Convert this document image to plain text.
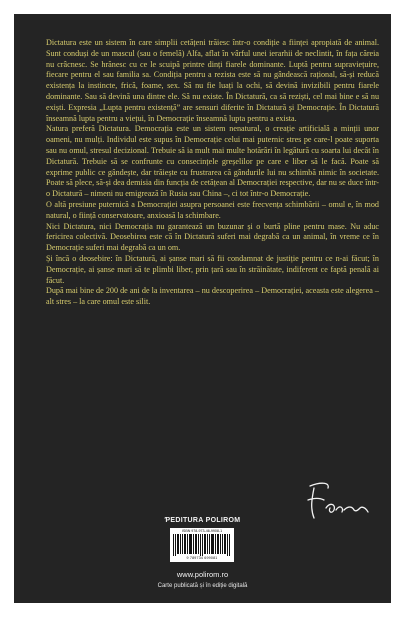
Dictatura este un sistem în care simplii cetățeni trăiesc într-o condiție a ființei apropiată de animal. Sunt conduși de un mascul (sau o femelă) Alfa, aflat în vârful unei ierarhii de neclintit, în fața căreia nu crâcnesc. Se hrănesc cu ce le scuipă printre dinți fiarele dominante. Luptă pentru supraviețuire, fiecare pentru el sau familia sa. Condiția pentru a rezista este să nu gândească rațional, să-și reducă existența la instincte, frică, foame, sex. Să nu fie luați la ochi, să devină invizibili pentru fiarele dominante. Sau să devină una dintre ele. Să nu existe. În Dictatură, ca să reziști, cel mai bine e să nu exiști. Expresia „Lupta pentru existență” are sensuri diferite în Dictatură și Democrație. În Dictatură înseamnă lupta pentru a viețui, în Democrație înseamnă lupta pentru a exista.

Natura preferă Dictatura. Democrația este un sistem nenatural, o creație artificială a minții unor oameni, nu mulți. Individul este supus în Democrație celui mai puternic stres pe care-l poate suporta sau nu omul, stresul decizional. Trebuie să ia mult mai multe hotărâri în legătură cu soarta lui decât în Dictatură. Trebuie să se confrunte cu consecințele greșelilor pe care e liber să le facă. Poate să exprime public ce gândește, dar trăiește cu frustrarea că gândurile lui nu schimbă nimic în societate. Poate să plece, să-și dea demisia din funcția de cetățean al Democrației respective, dar nu se duce într-o Dictatură – nimeni nu emigrează în Rusia sau China –, ci tot într-o Democrație.

O altă presiune puternică a Democrației asupra persoanei este frecvența schimbării – omul e, în mod natural, o ființă conservatoare, anxioasă la schimbare.

Nici Dictatura, nici Democrația nu garantează un buzunar și o burtă pline pentru mase. Nu aduc fericirea colectivă. Deosebirea este că în Dictatură suferi mai degrabă ca un animal, în vreme ce în Democrație suferi mai degrabă ca un om.

Și încă o deosebire: în Dictatură, ai șanse mari să fii condamnat de justiție pentru ce n-ai făcut; în Democrație, ai șanse mari să te plimbi liber, prin țară sau în străinătate, indiferent ce faptă penală ai făcut.

După mai bine de 200 de ani de la inventarea – nu descoperirea – Democrației, aceasta este alegerea – alt stres – la care omul este silit.

ƤEDITURA POLIROM
ISBN 978-973-46-9908-1
9 789734 699081
www.polirom.ro
Carte publicată și în ediție digitală
